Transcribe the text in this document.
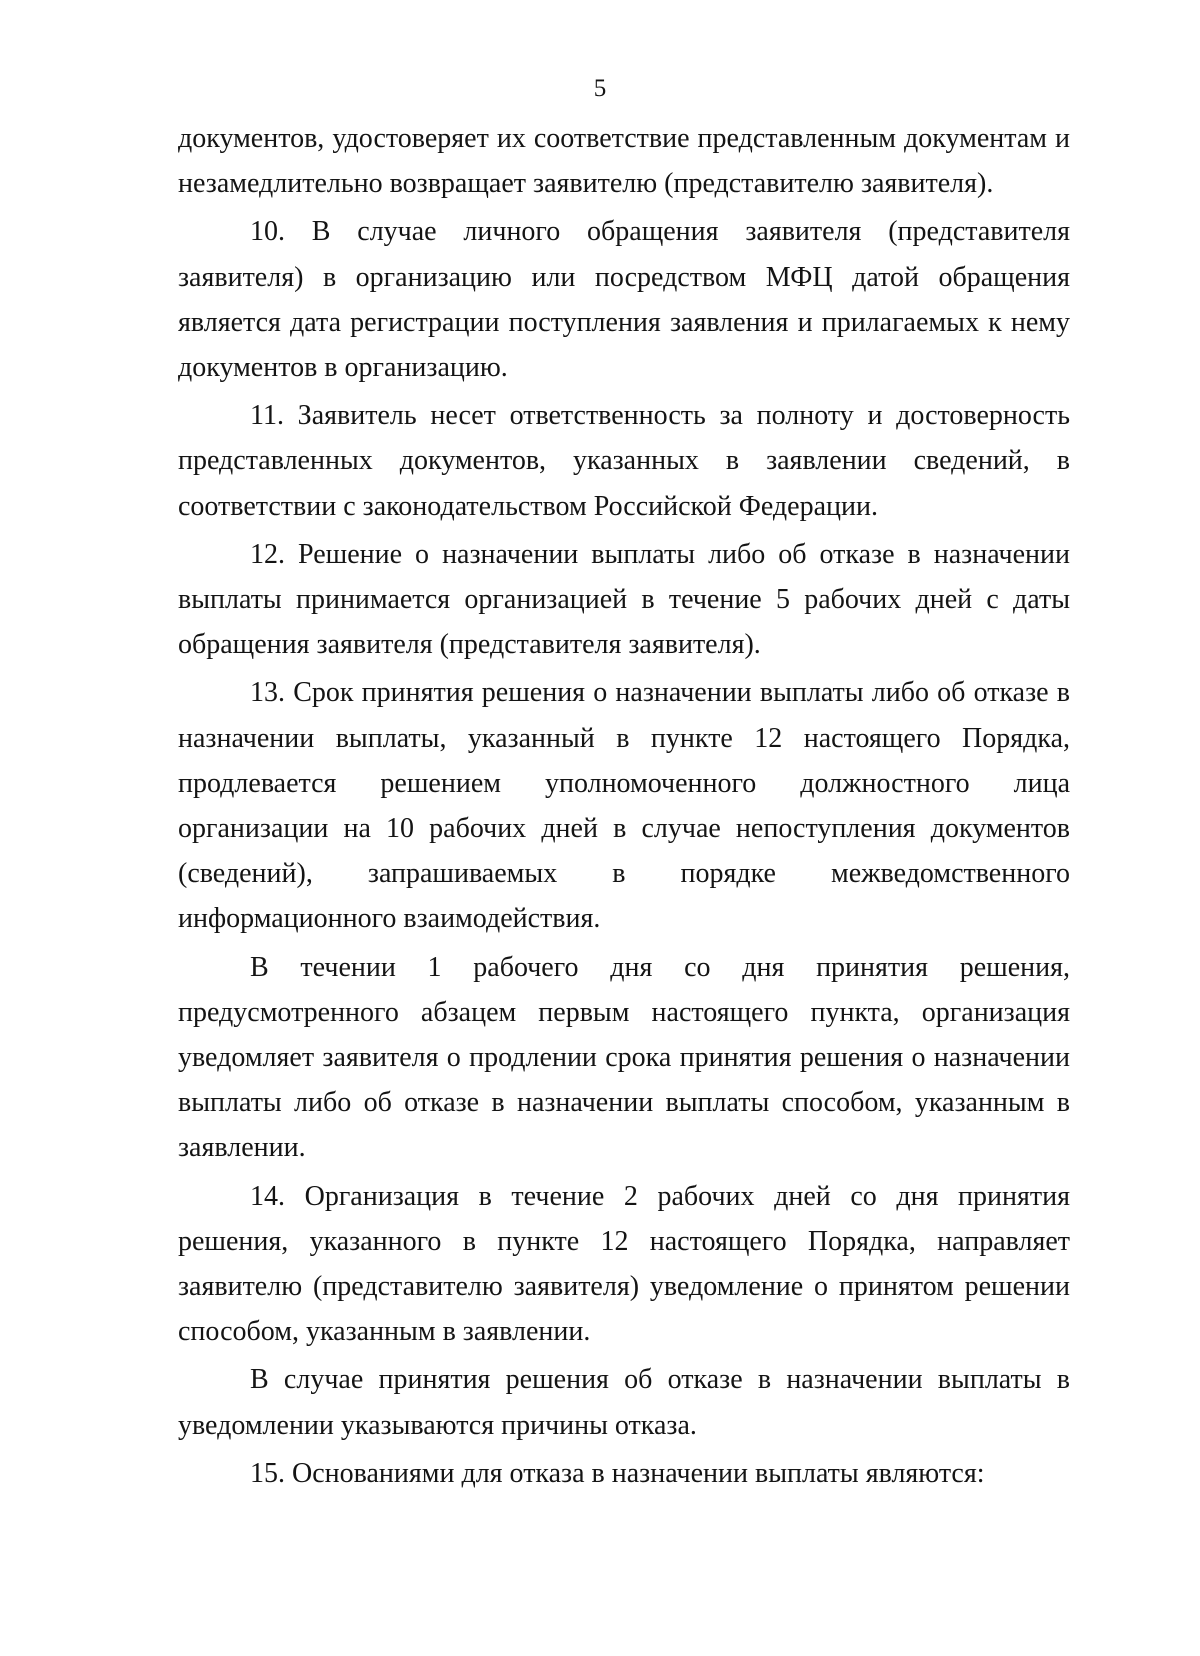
5

документов, удостоверяет их соответствие представленным документам и незамедлительно возвращает заявителю (представителю заявителя).

10. В случае личного обращения заявителя (представителя заявителя) в организацию или посредством МФЦ датой обращения является дата регистрации поступления заявления и прилагаемых к нему документов в организацию.

11. Заявитель несет ответственность за полноту и достоверность представленных документов, указанных в заявлении сведений, в соответствии с законодательством Российской Федерации.

12. Решение о назначении выплаты либо об отказе в назначении выплаты принимается организацией в течение 5 рабочих дней с даты обращения заявителя (представителя заявителя).

13. Срок принятия решения о назначении выплаты либо об отказе в назначении выплаты, указанный в пункте 12 настоящего Порядка, продлевается решением уполномоченного должностного лица организации на 10 рабочих дней в случае непоступления документов (сведений), запрашиваемых в порядке межведомственного информационного взаимодействия.

В течении 1 рабочего дня со дня принятия решения, предусмотренного абзацем первым настоящего пункта, организация уведомляет заявителя о продлении срока принятия решения о назначении выплаты либо об отказе в назначении выплаты способом, указанным в заявлении.

14. Организация в течение 2 рабочих дней со дня принятия решения, указанного в пункте 12 настоящего Порядка, направляет заявителю (представителю заявителя) уведомление о принятом решении способом, указанным в заявлении.

В случае принятия решения об отказе в назначении выплаты в уведомлении указываются причины отказа.

15. Основаниями для отказа в назначении выплаты являются:
